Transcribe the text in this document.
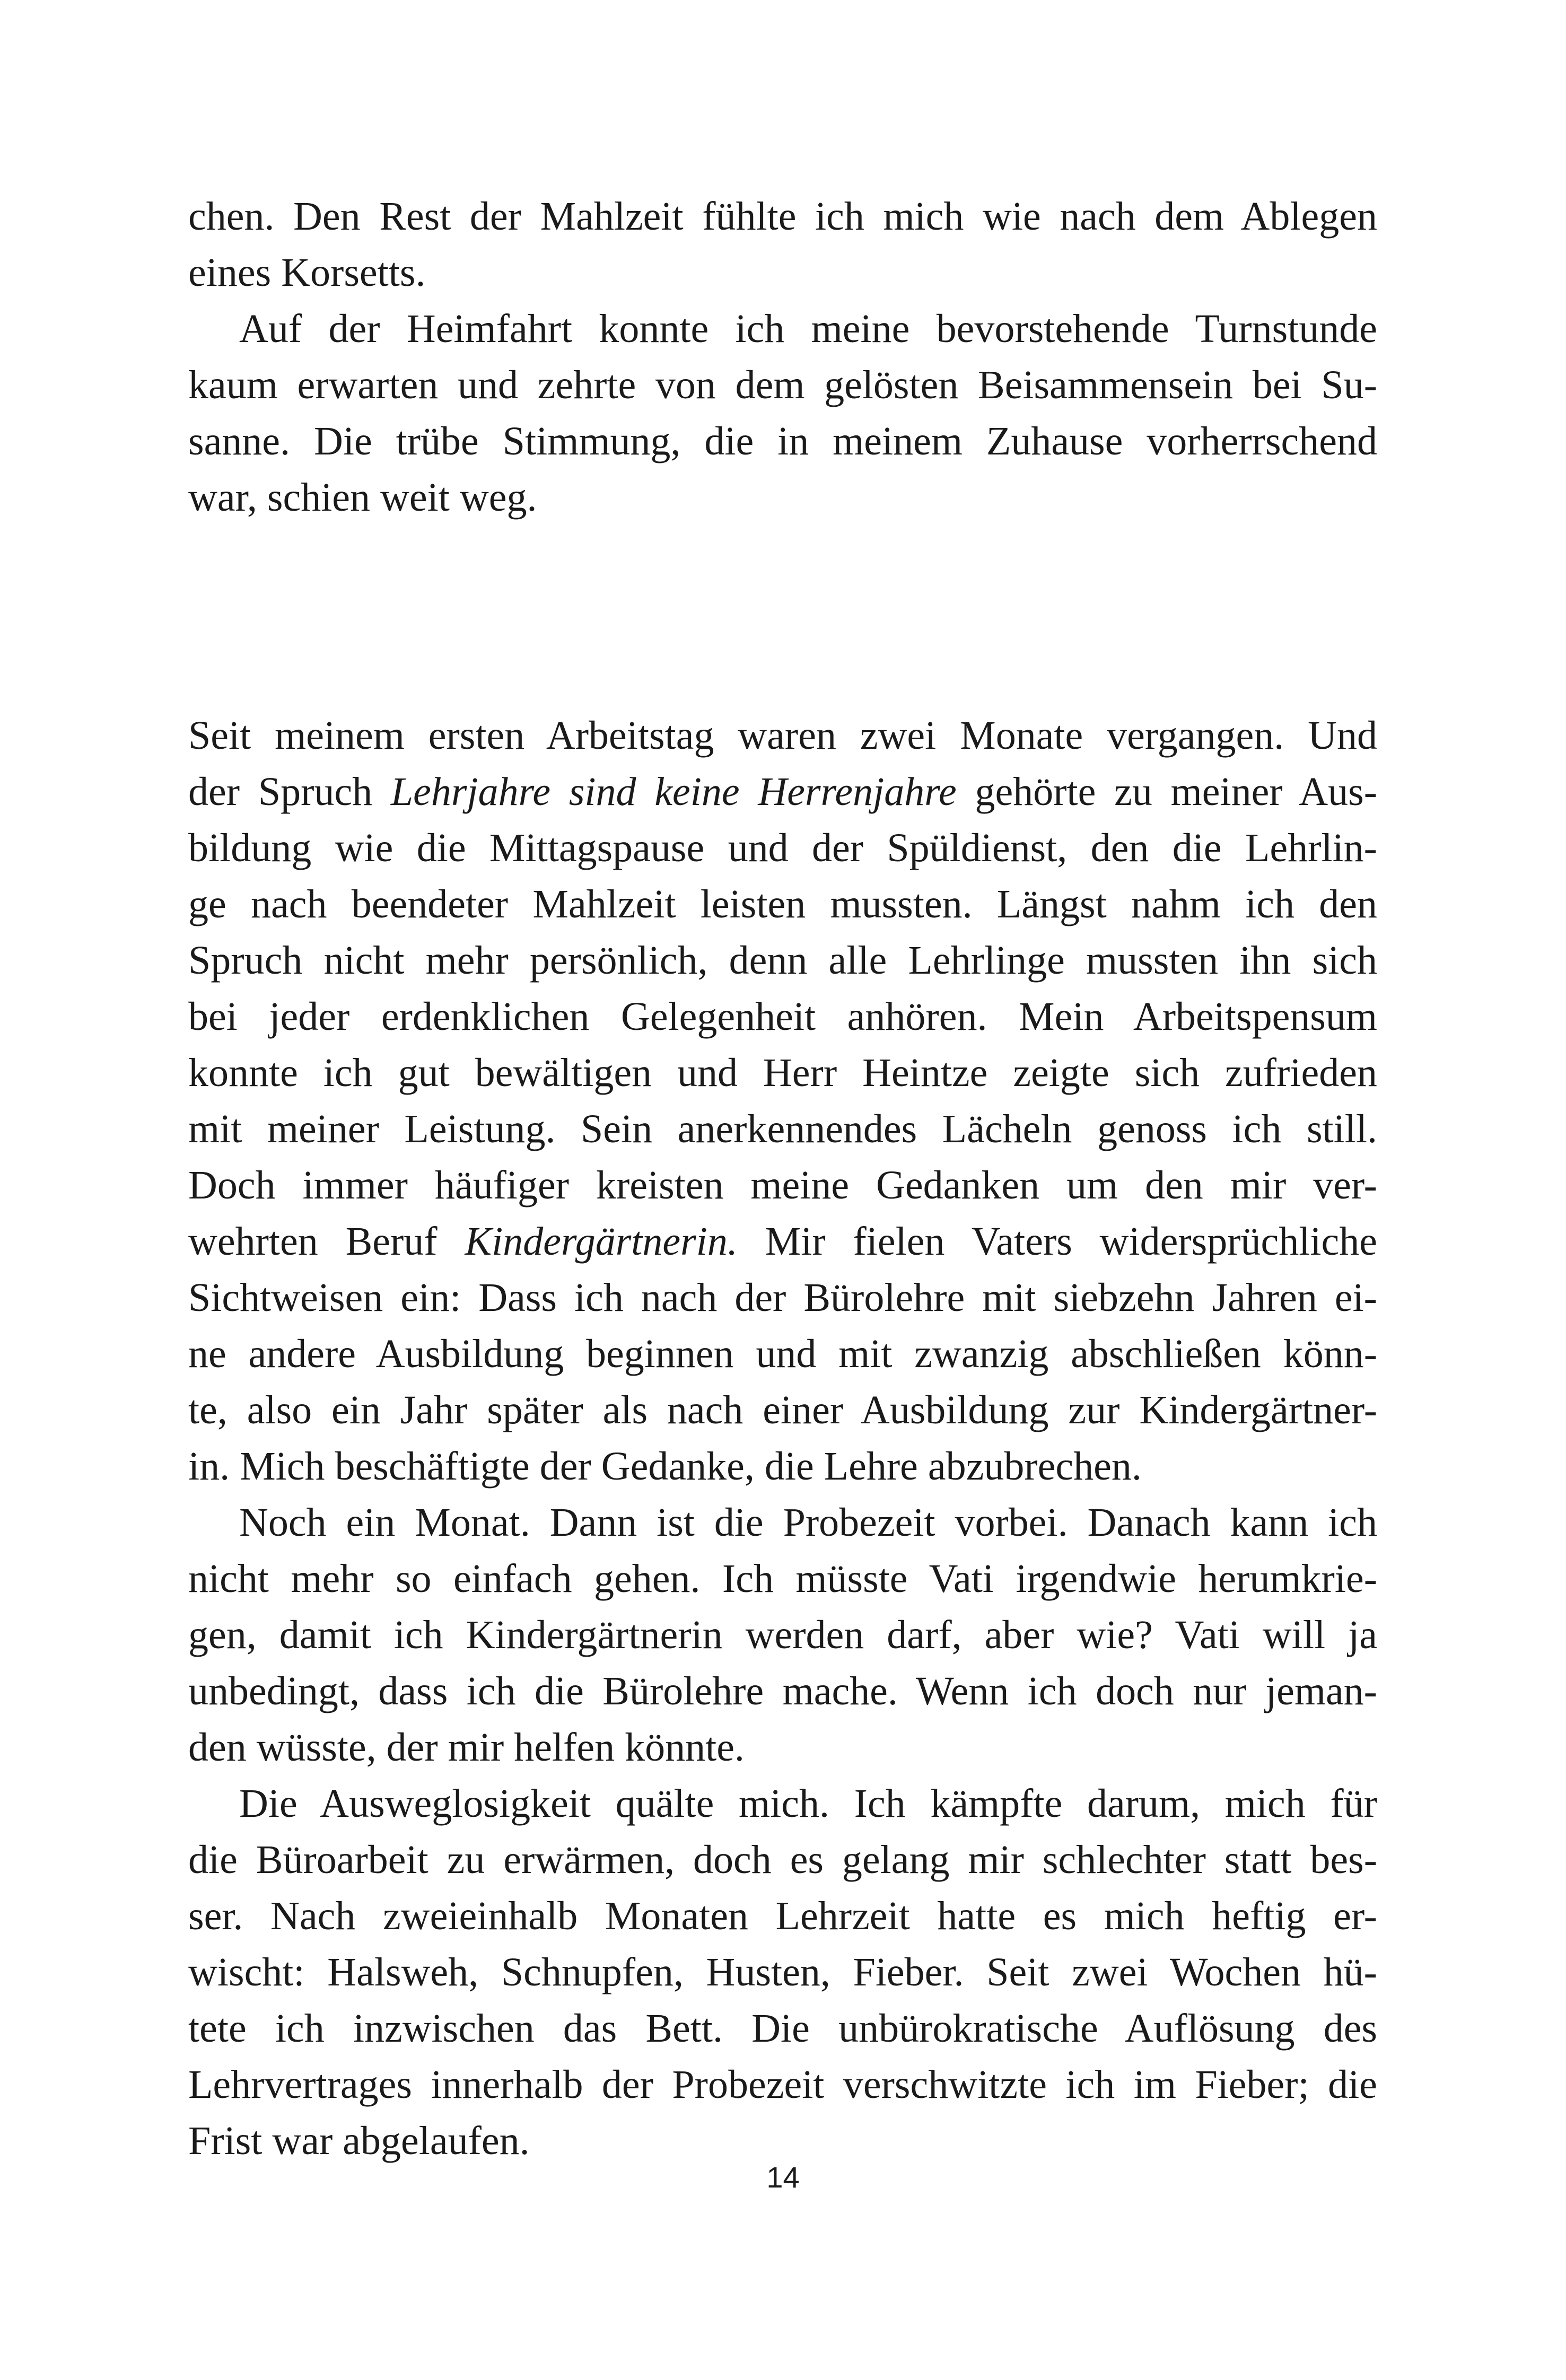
chen. Den Rest der Mahlzeit fühlte ich mich wie nach dem Ablegen
eines Korsetts.
Auf der Heimfahrt konnte ich meine bevorstehende Turnstunde
kaum erwarten und zehrte von dem gelösten Beisammensein bei Su-
sanne. Die trübe Stimmung, die in meinem Zuhause vorherrschend
war, schien weit weg.
Seit meinem ersten Arbeitstag waren zwei Monate vergangen. Und
der Spruch Lehrjahre sind keine Herrenjahre gehörte zu meiner Aus-
bildung wie die Mittagspause und der Spüldienst, den die Lehrlin-
ge nach beendeter Mahlzeit leisten mussten. Längst nahm ich den
Spruch nicht mehr persönlich, denn alle Lehrlinge mussten ihn sich
bei jeder erdenklichen Gelegenheit anhören. Mein Arbeitspensum
konnte ich gut bewältigen und Herr Heintze zeigte sich zufrieden
mit meiner Leistung. Sein anerkennendes Lächeln genoss ich still.
Doch immer häufiger kreisten meine Gedanken um den mir ver-
wehrten Beruf Kindergärtnerin. Mir fielen Vaters widersprüchliche
Sichtweisen ein: Dass ich nach der Bürolehre mit siebzehn Jahren ei-
ne andere Ausbildung beginnen und mit zwanzig abschließen könn-
te, also ein Jahr später als nach einer Ausbildung zur Kindergärtner-
in. Mich beschäftigte der Gedanke, die Lehre abzubrechen.
Noch ein Monat. Dann ist die Probezeit vorbei. Danach kann ich
nicht mehr so einfach gehen. Ich müsste Vati irgendwie herumkrie-
gen, damit ich Kindergärtnerin werden darf, aber wie? Vati will ja
unbedingt, dass ich die Bürolehre mache. Wenn ich doch nur jeman-
den wüsste, der mir helfen könnte.
Die Ausweglosigkeit quälte mich. Ich kämpfte darum, mich für
die Büroarbeit zu erwärmen, doch es gelang mir schlechter statt bes-
ser. Nach zweieinhalb Monaten Lehrzeit hatte es mich heftig er-
wischt: Halsweh, Schnupfen, Husten, Fieber. Seit zwei Wochen hü-
tete ich inzwischen das Bett. Die unbürokratische Auflösung des
Lehrvertrages innerhalb der Probezeit verschwitzte ich im Fieber; die
Frist war abgelaufen.
14
